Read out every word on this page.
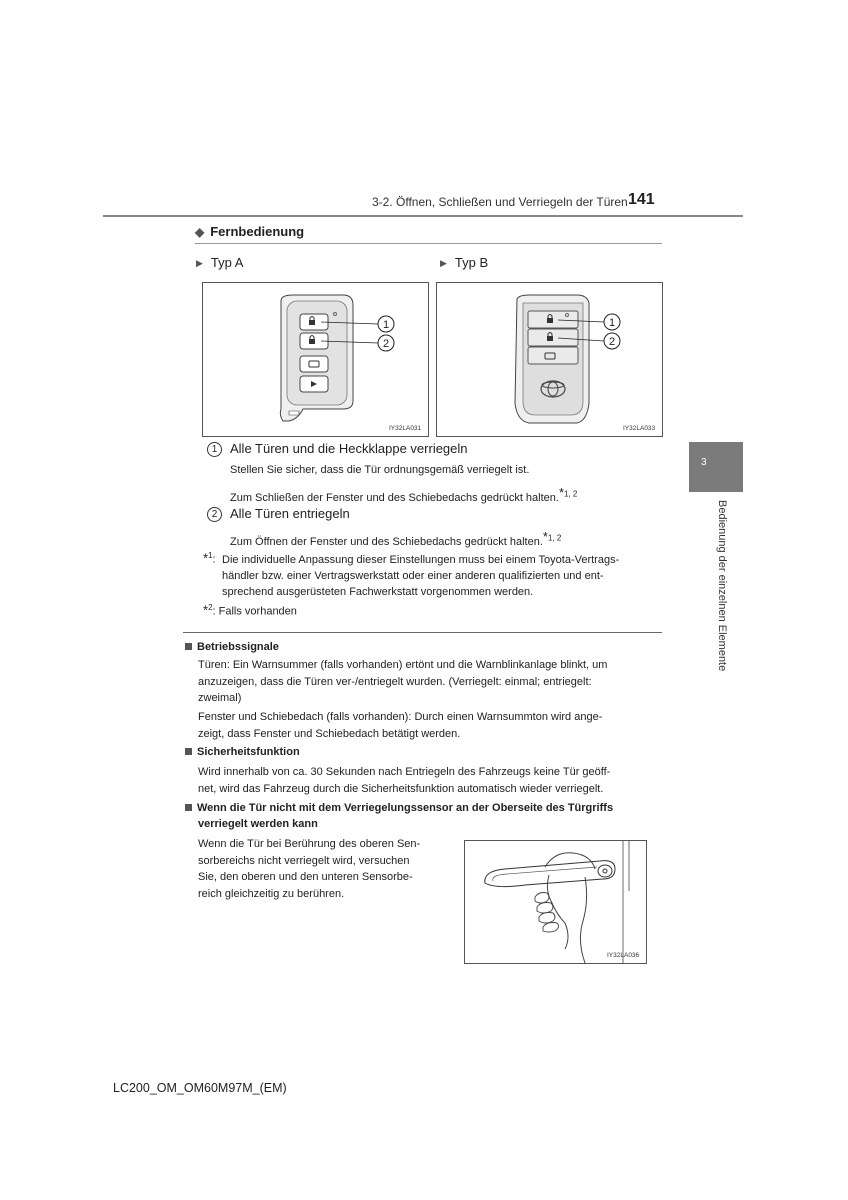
3-2. Öffnen, Schließen und Verriegeln der Türen 141
3
Bedienung der einzelnen Elemente
◆ Fernbedienung
▶ Typ A	▶ Typ B
1
2
IY32LA031
1
2
IY32LA033
1 Alle Türen und die Heckklappe verriegeln
Stellen Sie sicher, dass die Tür ordnungsgemäß verriegelt ist.
Zum Schließen der Fenster und des Schiebedachs gedrückt halten.*$^{1, 2}$
2 Alle Türen entriegeln
Zum Öffnen der Fenster und des Schiebedachs gedrückt halten.*$^{1, 2}$
*$^1$: Die individuelle Anpassung dieser Einstellungen muss bei einem Toyota-Vertrags-
händler bzw. einer Vertragswerkstatt oder einer anderen qualifizierten und ent-
sprechend ausgerüsteten Fachwerkstatt vorgenommen werden.
*$^2$: Falls vorhanden
Betriebssignale
Türen: Ein Warnsummer (falls vorhanden) ertönt und die Warnblinkanlage blinkt, um
anzuzeigen, dass die Türen ver-/entriegelt wurden. (Verriegelt: einmal; entriegelt:
zweimal)
Fenster und Schiebedach (falls vorhanden): Durch einen Warnsummton wird ange-
zeigt, dass Fenster und Schiebedach betätigt werden.
Sicherheitsfunktion
Wird innerhalb von ca. 30 Sekunden nach Entriegeln des Fahrzeugs keine Tür geöff-
net, wird das Fahrzeug durch die Sicherheitsfunktion automatisch wieder verriegelt.
Wenn die Tür nicht mit dem Verriegelungssensor an der Oberseite des Türgriffs
verriegelt werden kann
Wenn die Tür bei Berührung des oberen Sen-
sorbereichs nicht verriegelt wird, versuchen
Sie, den oberen und den unteren Sensorbe-
reich gleichzeitig zu berühren.
IY32LA036
LC200_OM_OM60M97M_(EM)
